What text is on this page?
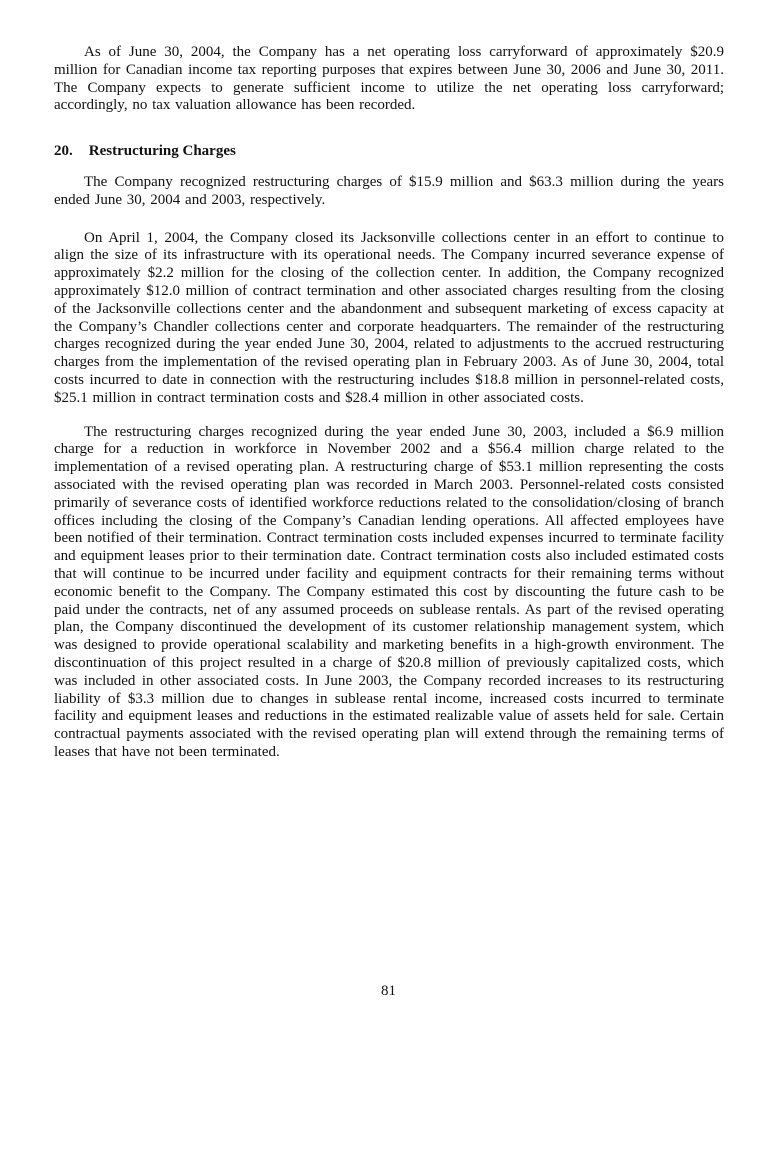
As of June 30, 2004, the Company has a net operating loss carryforward of approximately $20.9 million for Canadian income tax reporting purposes that expires between June 30, 2006 and June 30, 2011. The Company expects to generate sufficient income to utilize the net operating loss carryforward; accordingly, no tax valuation allowance has been recorded.

20. Restructuring Charges

The Company recognized restructuring charges of $15.9 million and $63.3 million during the years ended June 30, 2004 and 2003, respectively.

On April 1, 2004, the Company closed its Jacksonville collections center in an effort to continue to align the size of its infrastructure with its operational needs. The Company incurred severance expense of approximately $2.2 million for the closing of the collection center. In addition, the Company recognized approximately $12.0 million of contract termination and other associated charges resulting from the closing of the Jacksonville collections center and the abandonment and subsequent marketing of excess capacity at the Company’s Chandler collections center and corporate headquarters. The remainder of the restructuring charges recognized during the year ended June 30, 2004, related to adjustments to the accrued restructuring charges from the implementation of the revised operating plan in February 2003. As of June 30, 2004, total costs incurred to date in connection with the restructuring includes $18.8 million in personnel-related costs, $25.1 million in contract termination costs and $28.4 million in other associated costs.

The restructuring charges recognized during the year ended June 30, 2003, included a $6.9 million charge for a reduction in workforce in November 2002 and a $56.4 million charge related to the implementation of a revised operating plan. A restructuring charge of $53.1 million representing the costs associated with the revised operating plan was recorded in March 2003. Personnel-related costs consisted primarily of severance costs of identified workforce reductions related to the consolidation/closing of branch offices including the closing of the Company’s Canadian lending operations. All affected employees have been notified of their termination. Contract termination costs included expenses incurred to terminate facility and equipment leases prior to their termination date. Contract termination costs also included estimated costs that will continue to be incurred under facility and equipment contracts for their remaining terms without economic benefit to the Company. The Company estimated this cost by discounting the future cash to be paid under the contracts, net of any assumed proceeds on sublease rentals. As part of the revised operating plan, the Company discontinued the development of its customer relationship management system, which was designed to provide operational scalability and marketing benefits in a high-growth environment. The discontinuation of this project resulted in a charge of $20.8 million of previously capitalized costs, which was included in other associated costs. In June 2003, the Company recorded increases to its restructuring liability of $3.3 million due to changes in sublease rental income, increased costs incurred to terminate facility and equipment leases and reductions in the estimated realizable value of assets held for sale. Certain contractual payments associated with the revised operating plan will extend through the remaining terms of leases that have not been terminated.

81
